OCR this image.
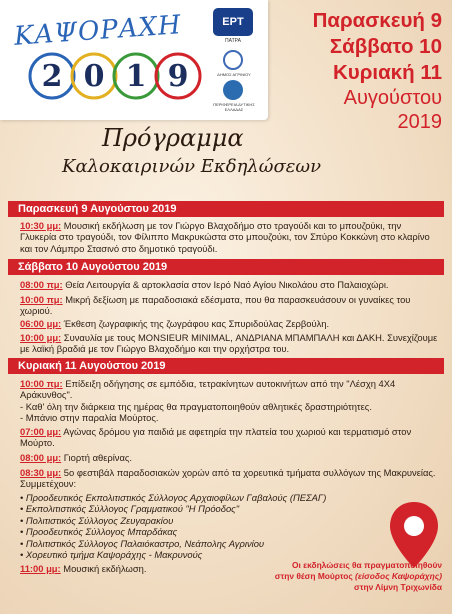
ΚΑΨΟΡΑΧΗ
2 0 1 9
ΕΡΤ
ΠΑΤΡΑ
ΔΗΜΟΣ ΑΓΡΙΝΙΟΥ
ΠΕΡΙΦΕΡΕΙΑ ΔΥΤΙΚΗΣ ΕΛΛΑΔΑΣ
Παρασκευή 9
Σάββατο 10
Κυριακή 11
Αυγούστου
2019
Πρόγραμμα
Καλοκαιρινών Εκδηλώσεων
Παρασκευή 9 Αυγούστου 2019
10:30 μμ: Μουσική εκδήλωση με τον Γιώργο Βλαχοδήμο στο τραγούδι και το μπουζούκι, την Γλυκερία στο τραγούδι, τον Φίλιππο Μακρυκώστα στο μπουζούκι, τον Σπύρο Κοκκώνη στο κλαρίνο και τον Λάμπρο Στασινό στο δημοτικό τραγούδι.
Σάββατο 10 Αυγούστου 2019
08:00 πμ: Θεία Λειτουργία & αρτοκλασία στον Ιερό Ναό Αγίου Νικολάου στο Παλαιοχώρι.
10:00 πμ: Μικρή δεξίωση με παραδοσιακά εδέσματα, που θα παρασκευάσουν οι γυναίκες του χωριού.
06:00 μμ: Έκθεση ζωγραφικής της ζωγράφου κας Σπυριδούλας Ζερβούλη.
10:00 μμ: Συναυλία με τους MONSIEUR MINIMAL, ΑΝΔΡΙΑΝΑ ΜΠΑΜΠΑΛΗ και ΔΑΚΗ. Συνεχίζουμε με λαϊκή βραδιά με τον Γιώργο Βλαχοδήμο και την ορχήστρα του.
Κυριακή 11 Αυγούστου 2019
10:00 πμ: Επίδειξη οδήγησης σε εμπόδια, τετρακίνητων αυτοκινήτων από την "Λέσχη 4Χ4 Αράκυνθος".
- Καθ' όλη την διάρκεια της ημέρας θα πραγματοποιηθούν αθλητικές δραστηριότητες.
- Μπάνιο στην παραλία Μούρτος.
07:00 μμ: Αγώνας δρόμου για παιδιά με αφετηρία την πλατεία του χωριού και τερματισμό στον Μούρτο.
08:00 μμ: Γιορτή αθερίνας.
08:30 μμ: 5ο φεστιβάλ παραδοσιακών χορών από τα χορευτικά τμήματα συλλόγων της Μακρυνείας. Συμμετέχουν:
• Προοδευτικός Εκπολιτιστικός Σύλλογος Αρχαιοφίλων Γαβαλούς (ΠΕΣΑΓ)
• Εκπολιτιστικός Σύλλογος Γραμματικού "Η Πρόοδος"
• Πολιτιστικός Σύλλογος Ζευγαρακίου
• Προοδευτικός Σύλλογος Μπαρδάκας
• Πολιτιστικός Σύλλογος Παλαιόκαστρο, Νεάπολης Αγρινίου
• Χορευτικό τμήμα Καψοράχης - Μακρυνούς
11:00 μμ: Μουσική εκδήλωση.	Οι εκδηλώσεις θα πραγματοποιηθούν
στην θέση Μούρτος (είσοδος Καψοράχης)
στην Λίμνη Τριχωνίδα
